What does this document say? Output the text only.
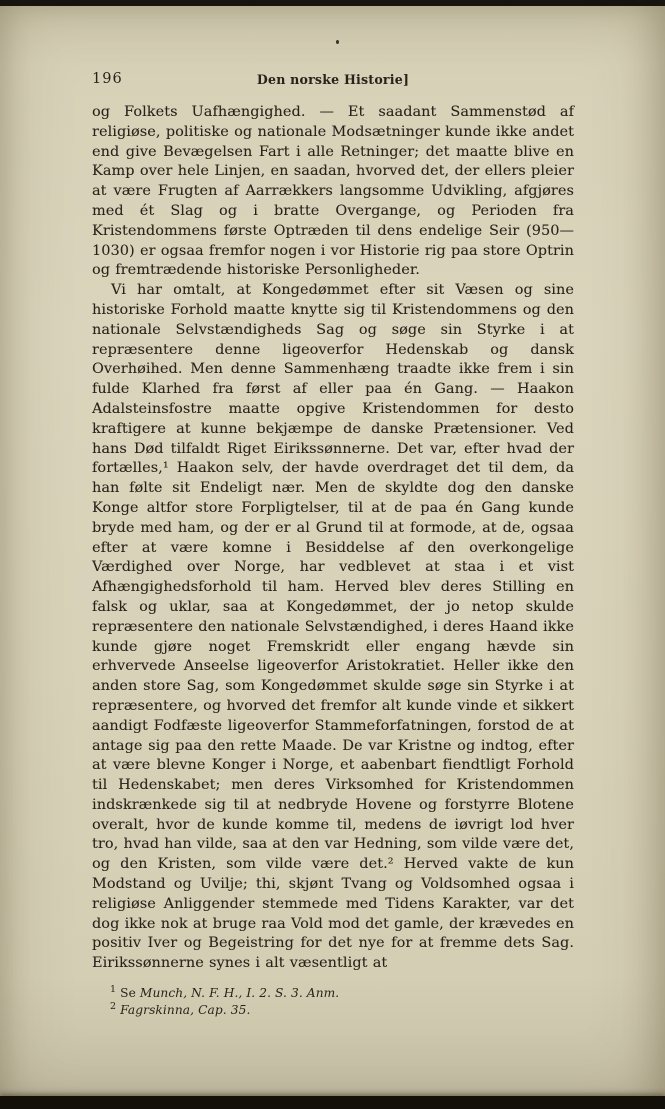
196	Den norske Historie]

og Folkets Uafhængighed. — Et saadant Sammenstød af religiøse, politiske og nationale Modsætninger kunde ikke andet end give Bevægelsen Fart i alle Retninger; det maatte blive en Kamp over hele Linjen, en saadan, hvorved det, der ellers pleier at være Frugten af Aarrækkers langsomme Udvikling, afgjøres med ét Slag og i bratte Overgange, og Perioden fra Kristendommens første Optræden til dens endelige Seir (950—1030) er ogsaa fremfor nogen i vor Historie rig paa store Optrin og fremtrædende historiske Personligheder.

Vi har omtalt, at Kongedømmet efter sit Væsen og sine historiske Forhold maatte knytte sig til Kristendommens og den nationale Selvstændigheds Sag og søge sin Styrke i at repræsentere denne ligeoverfor Hedenskab og dansk Overhøihed. Men denne Sammenhæng traadte ikke frem i sin fulde Klarhed fra først af eller paa én Gang. — Haakon Adalsteinsfostre maatte opgive Kristendommen for desto kraftigere at kunne bekjæmpe de danske Prætensioner. Ved hans Død tilfaldt Riget Eirikssønnerne. Det var, efter hvad der fortælles,¹ Haakon selv, der havde overdraget det til dem, da han følte sit Endeligt nær. Men de skyldte dog den danske Konge altfor store Forpligtelser, til at de paa én Gang kunde bryde med ham, og der er al Grund til at formode, at de, ogsaa efter at være komne i Besiddelse af den overkongelige Værdighed over Norge, har vedblevet at staa i et vist Afhængighedsforhold til ham. Herved blev deres Stilling en falsk og uklar, saa at Kongedømmet, der jo netop skulde repræsentere den nationale Selvstændighed, i deres Haand ikke kunde gjøre noget Fremskridt eller engang hævde sin erhvervede Anseelse ligeoverfor Aristokratiet. Heller ikke den anden store Sag, som Kongedømmet skulde søge sin Styrke i at repræsentere, og hvorved det fremfor alt kunde vinde et sikkert aandigt Fodfæste ligeoverfor Stammeforfatningen, forstod de at antage sig paa den rette Maade. De var Kristne og indtog, efter at være blevne Konger i Norge, et aabenbart fiendtligt Forhold til Hedenskabet; men deres Virksomhed for Kristendommen indskrænkede sig til at nedbryde Hovene og forstyrre Blotene overalt, hvor de kunde komme til, medens de iøvrigt lod hver tro, hvad han vilde, saa at den var Hedning, som vilde være det, og den Kristen, som vilde være det.² Herved vakte de kun Modstand og Uvilje; thi, skjønt Tvang og Voldsomhed ogsaa i religiøse Anliggender stemmede med Tidens Karakter, var det dog ikke nok at bruge raa Vold mod det gamle, der krævedes en positiv Iver og Begeistring for det nye for at fremme dets Sag. Eirikssønnerne synes i alt væsentligt at

$^1$ Se Munch, N. F. H., I. 2. S. 3. Anm.
$^2$ Fagrskinna, Cap. 35.
